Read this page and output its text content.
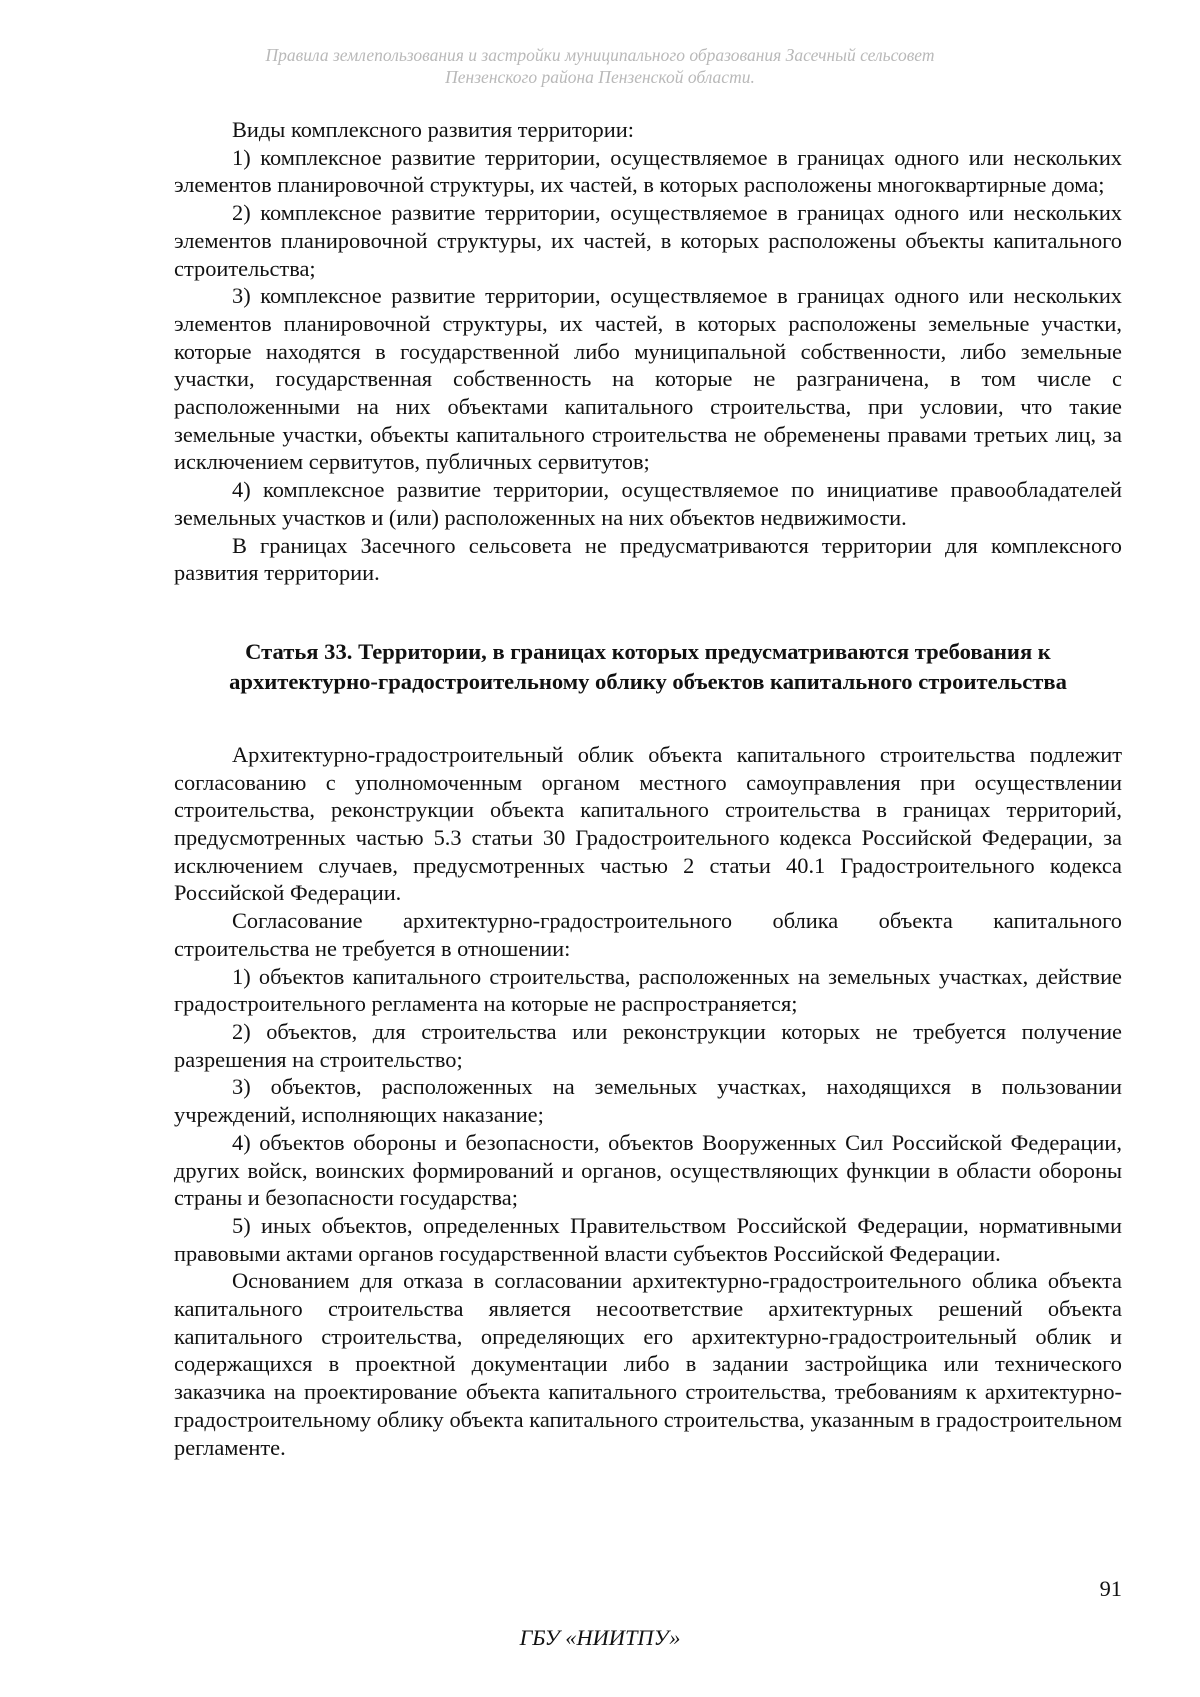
Правила землепользования и застройки муниципального образования Засечный сельсовет
Пензенского района Пензенской области.

Виды комплексного развития территории:

1) комплексное развитие территории, осуществляемое в границах одного или нескольких элементов планировочной структуры, их частей, в которых расположены многоквартирные дома;

2) комплексное развитие территории, осуществляемое в границах одного или нескольких элементов планировочной структуры, их частей, в которых расположены объекты капитального строительства;

3) комплексное развитие территории, осуществляемое в границах одного или нескольких элементов планировочной структуры, их частей, в которых расположены земельные участки, которые находятся в государственной либо муниципальной собственности, либо земельные участки, государственная собственность на которые не разграничена, в том числе с расположенными на них объектами капитального строительства, при условии, что такие земельные участки, объекты капитального строительства не обременены правами третьих лиц, за исключением сервитутов, публичных сервитутов;

4) комплексное развитие территории, осуществляемое по инициативе правообладателей земельных участков и (или) расположенных на них объектов недвижимости.

В границах Засечного сельсовета не предусматриваются территории для комплексного развития территории.

Статья 33. Территории, в границах которых предусматриваются требования к архитектурно-градостроительному облику объектов капитального строительства

Архитектурно-градостроительный облик объекта капитального строительства подлежит согласованию с уполномоченным органом местного самоуправления при осуществлении строительства, реконструкции объекта капитального строительства в границах территорий, предусмотренных частью 5.3 статьи 30 Градостроительного кодекса Российской Федерации, за исключением случаев, предусмотренных частью 2 статьи 40.1 Градостроительного кодекса Российской Федерации.

Согласование архитектурно-градостроительного облика объекта капитального строительства не требуется в отношении:

1) объектов капитального строительства, расположенных на земельных участках, действие градостроительного регламента на которые не распространяется;

2) объектов, для строительства или реконструкции которых не требуется получение разрешения на строительство;

3) объектов, расположенных на земельных участках, находящихся в пользовании учреждений, исполняющих наказание;

4) объектов обороны и безопасности, объектов Вооруженных Сил Российской Федерации, других войск, воинских формирований и органов, осуществляющих функции в области обороны страны и безопасности государства;

5) иных объектов, определенных Правительством Российской Федерации, нормативными правовыми актами органов государственной власти субъектов Российской Федерации.

Основанием для отказа в согласовании архитектурно-градостроительного облика объекта капитального строительства является несоответствие архитектурных решений объекта капитального строительства, определяющих его архитектурно-градостроительный облик и содержащихся в проектной документации либо в задании застройщика или технического заказчика на проектирование объекта капитального строительства, требованиям к архитектурно-градостроительному облику объекта капитального строительства, указанным в градостроительном регламенте.

91
ГБУ «НИИТПУ»
